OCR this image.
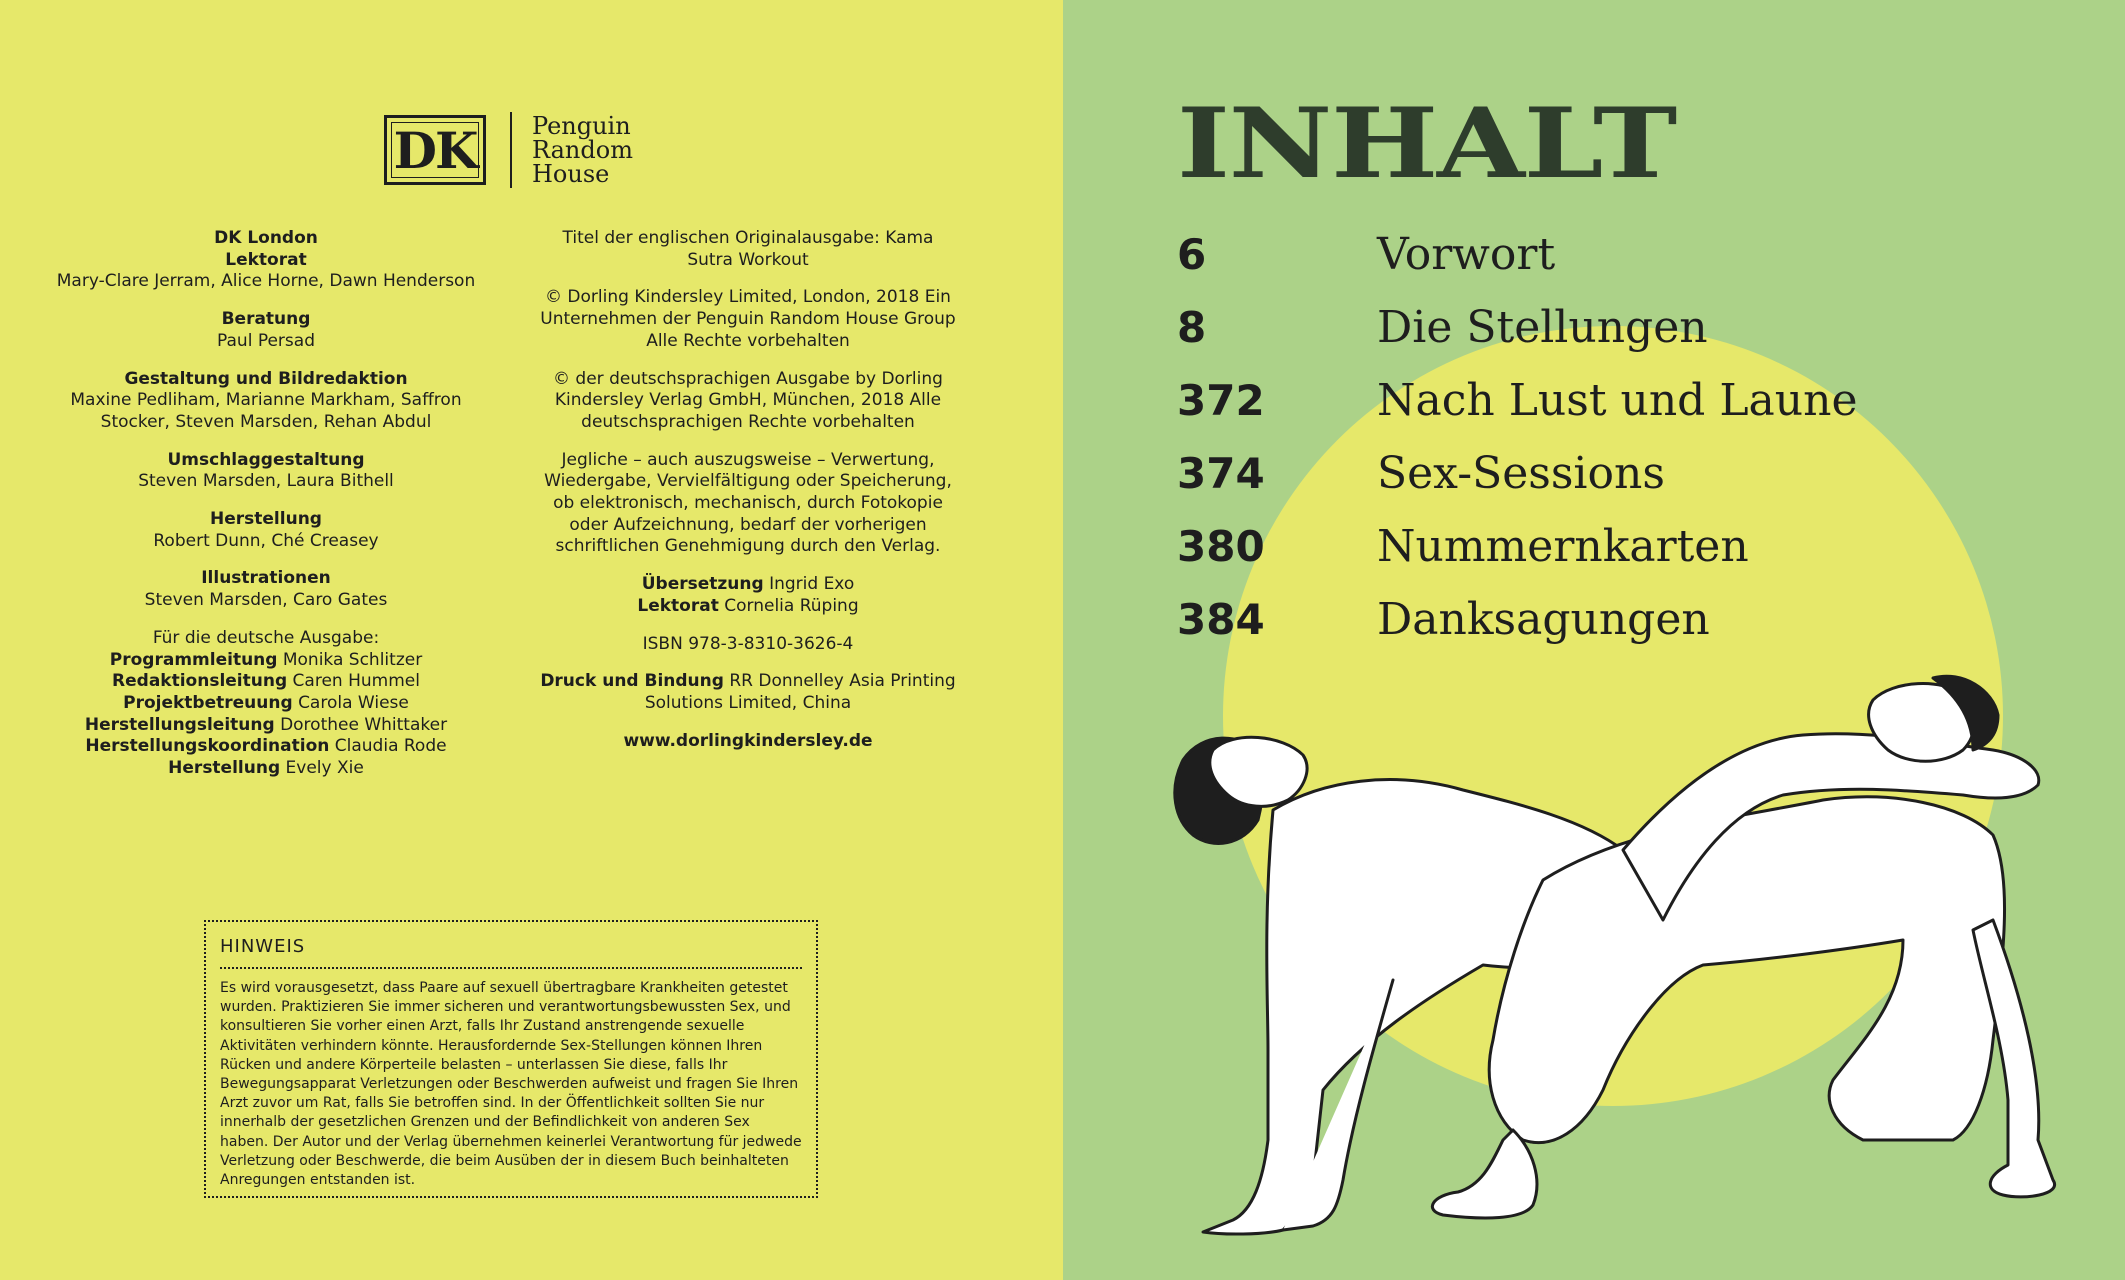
DK Penguin
Random
House
DK London
Lektorat
Mary-Clare Jerram, Alice Horne, Dawn Henderson
Beratung
Paul Persad
Gestaltung und Bildredaktion
Maxine Pedliham, Marianne Markham, Saffron Stocker, Steven Marsden, Rehan Abdul
Umschlaggestaltung
Steven Marsden, Laura Bithell
Herstellung
Robert Dunn, Ché Creasey
Illustrationen
Steven Marsden, Caro Gates
Für die deutsche Ausgabe:
Programmleitung Monika Schlitzer
Redaktionsleitung Caren Hummel
Projektbetreuung Carola Wiese
Herstellungsleitung Dorothee Whittaker
Herstellungskoordination Claudia Rode
Herstellung Evely Xie
Titel der englischen Originalausgabe: Kama Sutra Workout
© Dorling Kindersley Limited, London, 2018 Ein Unternehmen der Penguin Random House Group Alle Rechte vorbehalten
© der deutschsprachigen Ausgabe by Dorling Kindersley Verlag GmbH, München, 2018 Alle deutschsprachigen Rechte vorbehalten
Jegliche – auch auszugsweise – Verwertung, Wiedergabe, Vervielfältigung oder Speicherung, ob elektronisch, mechanisch, durch Fotokopie oder Aufzeichnung, bedarf der vorherigen schriftlichen Genehmigung durch den Verlag.
Übersetzung Ingrid Exo
Lektorat Cornelia Rüping
ISBN 978-3-8310-3626-4
Druck und Bindung RR Donnelley Asia Printing Solutions Limited, China
www.dorlingkindersley.de
HINWEIS

Es wird vorausgesetzt, dass Paare auf sexuell übertragbare Krankheiten getestet wurden. Praktizieren Sie immer sicheren und verantwortungsbewussten Sex, und konsultieren Sie vorher einen Arzt, falls Ihr Zustand anstrengende sexuelle Aktivitäten verhindern könnte. Herausfordernde Sex-Stellungen können Ihren Rücken und andere Körperteile belasten – unterlassen Sie diese, falls Ihr Bewegungsapparat Verletzungen oder Beschwerden aufweist und fragen Sie Ihren Arzt zuvor um Rat, falls Sie betroffen sind. In der Öffentlichkeit sollten Sie nur innerhalb der gesetzlichen Grenzen und der Befindlichkeit von anderen Sex haben. Der Autor und der Verlag übernehmen keinerlei Verantwortung für jedwede Verletzung oder Beschwerde, die beim Ausüben der in diesem Buch beinhalteten Anregungen entstanden ist.

INHALT
6	Vorwort
8	Die Stellungen
372	Nach Lust und Laune
374	Sex-Sessions
380	Nummernkarten
384	Danksagungen
